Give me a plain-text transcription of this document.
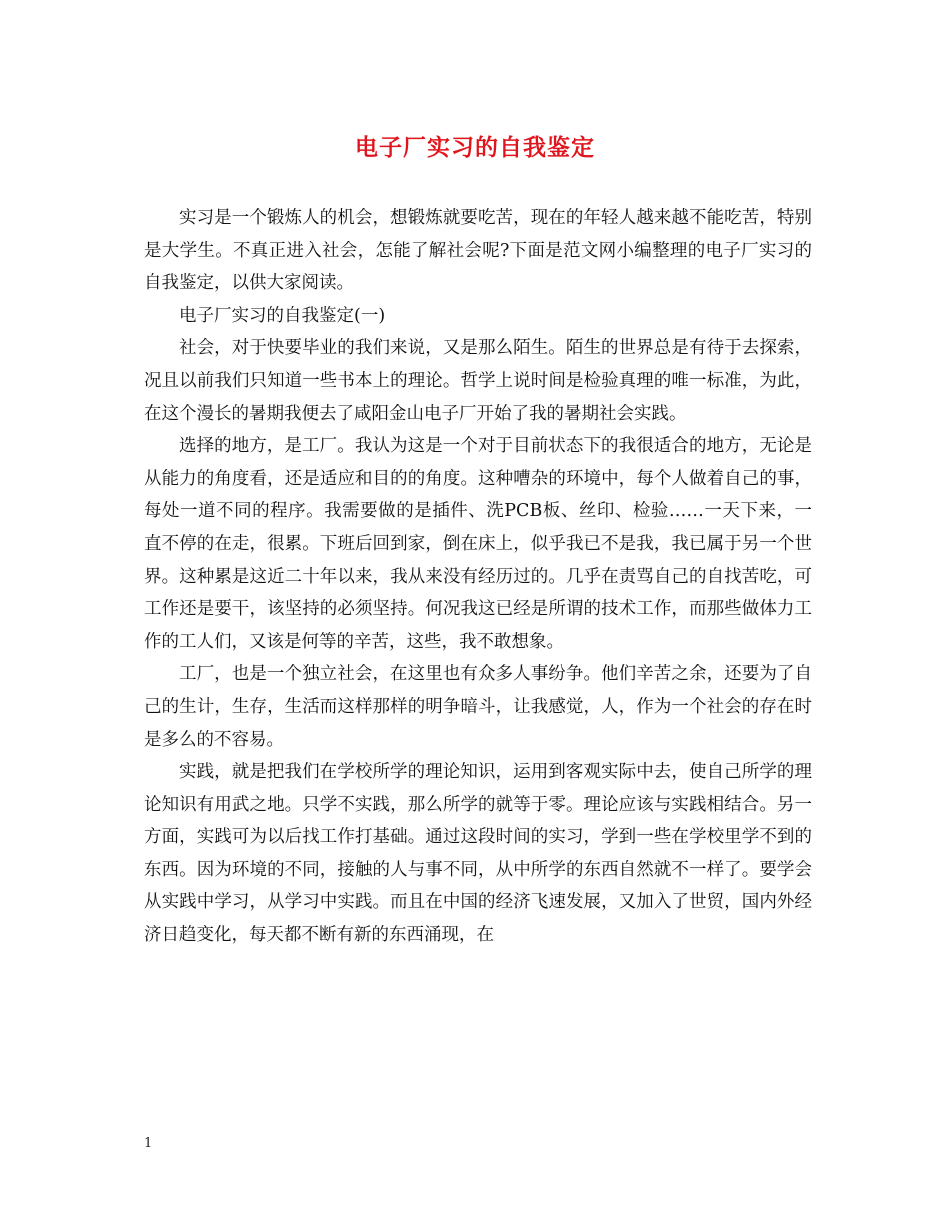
电子厂实习的自我鉴定

实习是一个锻炼人的机会，想锻炼就要吃苦，现在的年轻人越来越不能吃苦，特别是大学生。不真正进入社会，怎能了解社会呢?下面是范文网小编整理的电子厂实习的自我鉴定，以供大家阅读。

电子厂实习的自我鉴定(一)

社会，对于快要毕业的我们来说，又是那么陌生。陌生的世界总是有待于去探索，况且以前我们只知道一些书本上的理论。哲学上说时间是检验真理的唯一标准，为此，在这个漫长的暑期我便去了咸阳金山电子厂开始了我的暑期社会实践。

选择的地方，是工厂。我认为这是一个对于目前状态下的我很适合的地方，无论是从能力的角度看，还是适应和目的的角度。这种嘈杂的环境中，每个人做着自己的事，每处一道不同的程序。我需要做的是插件、洗PCB板、丝印、检验……一天下来，一直不停的在走，很累。下班后回到家，倒在床上，似乎我已不是我，我已属于另一个世界。这种累是这近二十年以来，我从来没有经历过的。几乎在责骂自己的自找苦吃，可工作还是要干，该坚持的必须坚持。何况我这已经是所谓的技术工作，而那些做体力工作的工人们，又该是何等的辛苦，这些，我不敢想象。

工厂，也是一个独立社会，在这里也有众多人事纷争。他们辛苦之余，还要为了自己的生计，生存，生活而这样那样的明争暗斗，让我感觉，人，作为一个社会的存在时是多么的不容易。

实践，就是把我们在学校所学的理论知识，运用到客观实际中去，使自己所学的理论知识有用武之地。只学不实践，那么所学的就等于零。理论应该与实践相结合。另一方面，实践可为以后找工作打基础。通过这段时间的实习，学到一些在学校里学不到的东西。因为环境的不同，接触的人与事不同，从中所学的东西自然就不一样了。要学会从实践中学习，从学习中实践。而且在中国的经济飞速发展，又加入了世贸，国内外经济日趋变化，每天都不断有新的东西涌现，在

1
